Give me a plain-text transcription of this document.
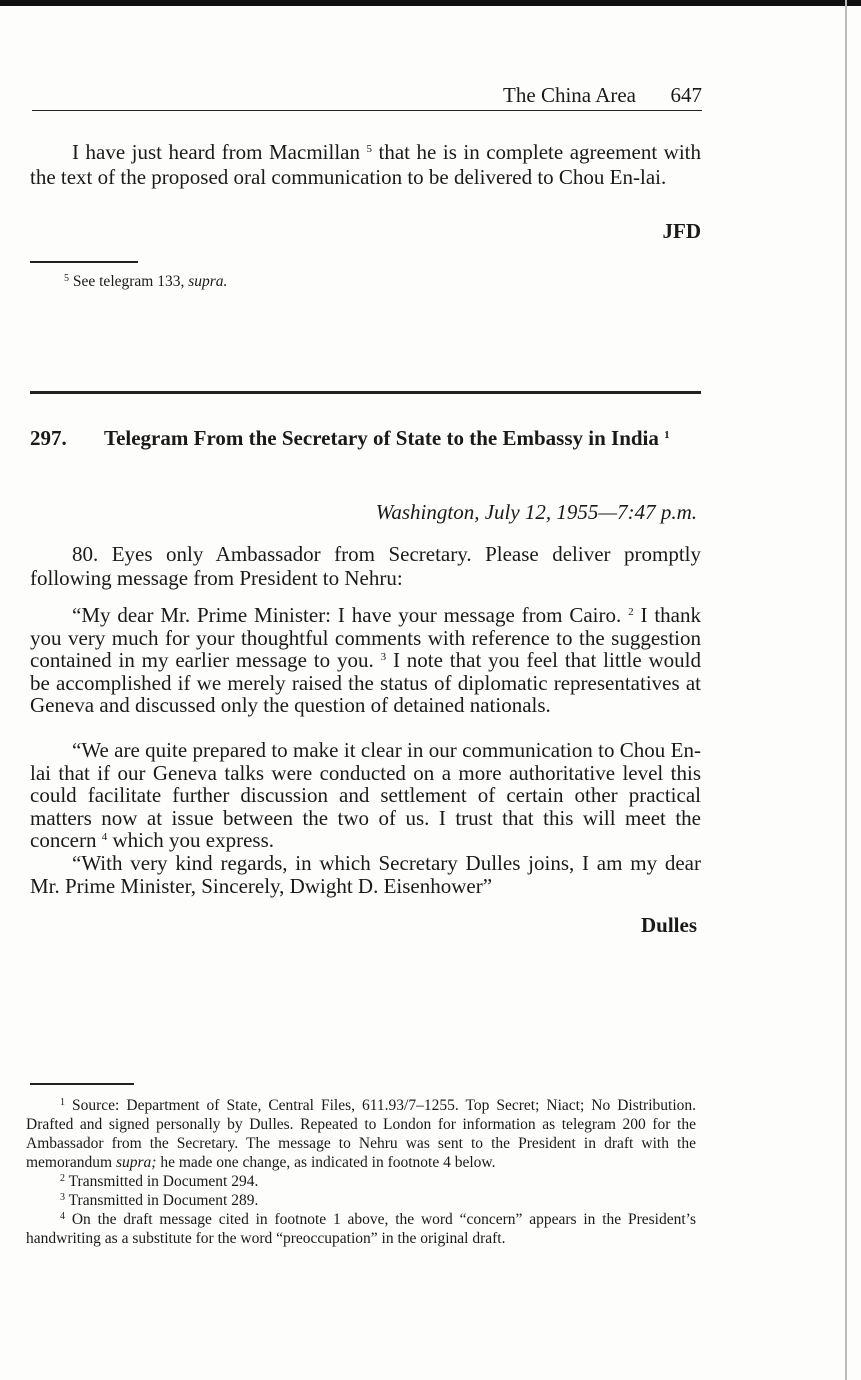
The China Area 647
I have just heard from Macmillan $^5$ that he is in complete agreement with the text of the proposed oral communication to be delivered to Chou En-lai.
JFD
$^5$ See telegram 133, supra.
297. Telegram From the Secretary of State to the Embassy in India $^1$
Washington, July 12, 1955—7:47 p.m.
80. Eyes only Ambassador from Secretary. Please deliver promptly following message from President to Nehru:
“My dear Mr. Prime Minister: I have your message from Cairo. $^2$ I thank you very much for your thoughtful comments with reference to the suggestion contained in my earlier message to you. $^3$ I note that you feel that little would be accomplished if we merely raised the status of diplomatic representatives at Geneva and discussed only the question of detained nationals.
“We are quite prepared to make it clear in our communication to Chou En-lai that if our Geneva talks were conducted on a more authoritative level this could facilitate further discussion and settlement of certain other practical matters now at issue between the two of us. I trust that this will meet the concern $^4$ which you express.
“With very kind regards, in which Secretary Dulles joins, I am my dear Mr. Prime Minister, Sincerely, Dwight D. Eisenhower”
Dulles

$^1$ Source: Department of State, Central Files, 611.93/7–1255. Top Secret; Niact; No Distribution. Drafted and signed personally by Dulles. Repeated to London for information as telegram 200 for the Ambassador from the Secretary. The message to Nehru was sent to the President in draft with the memorandum supra; he made one change, as indicated in footnote 4 below.

$^2$ Transmitted in Document 294.

$^3$ Transmitted in Document 289.

$^4$ On the draft message cited in footnote 1 above, the word “concern” appears in the President’s handwriting as a substitute for the word “preoccupation” in the original draft.
